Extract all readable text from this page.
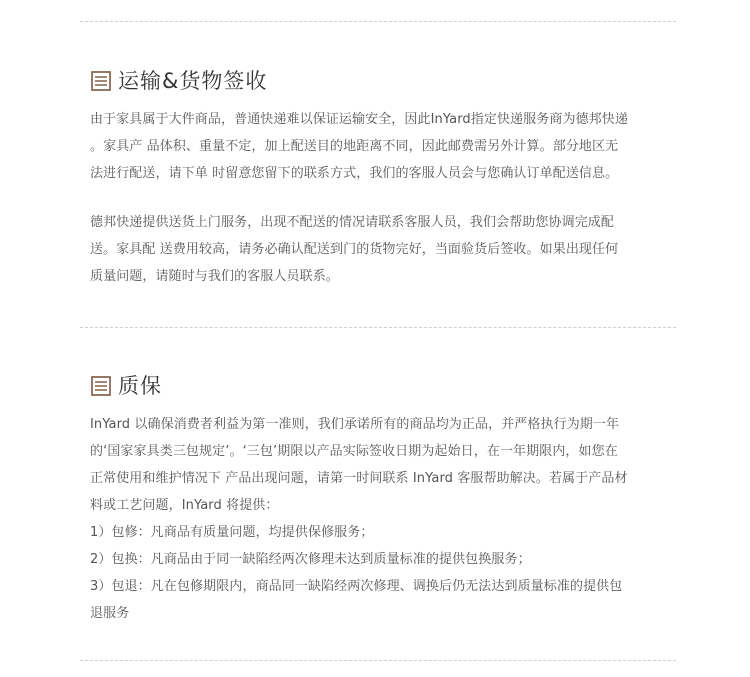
运输&货物签收

由于家具属于大件商品，普通快递难以保证运输安全，因此InYard指定快递服务商为德邦快递
。家具产 品体积、重量不定，加上配送目的地距离不同，因此邮费需另外计算。部分地区无
法进行配送，请下单 时留意您留下的联系方式，我们的客服人员会与您确认订单配送信息。

德邦快递提供送货上门服务，出现不配送的情况请联系客服人员，我们会帮助您协调完成配
送。家具配 送费用较高，请务必确认配送到门的货物完好，当面验货后签收。如果出现任何
质量问题，请随时与我们的客服人员联系。

质保

InYard 以确保消费者利益为第一准则，我们承诺所有的商品均为正品，并严格执行为期一年
的‘国家家具类三包规定’。‘三包’期限以产品实际签收日期为起始日，在一年期限内，如您在
正常使用和维护情况下 产品出现问题，请第一时间联系 InYard 客服帮助解决。若属于产品材
料或工艺问题，InYard 将提供：
1）包修：凡商品有质量问题，均提供保修服务；
2）包换：凡商品由于同一缺陷经两次修理未达到质量标准的提供包换服务；
3）包退：凡在包修期限内，商品同一缺陷经两次修理、调换后仍无法达到质量标准的提供包
退服务
